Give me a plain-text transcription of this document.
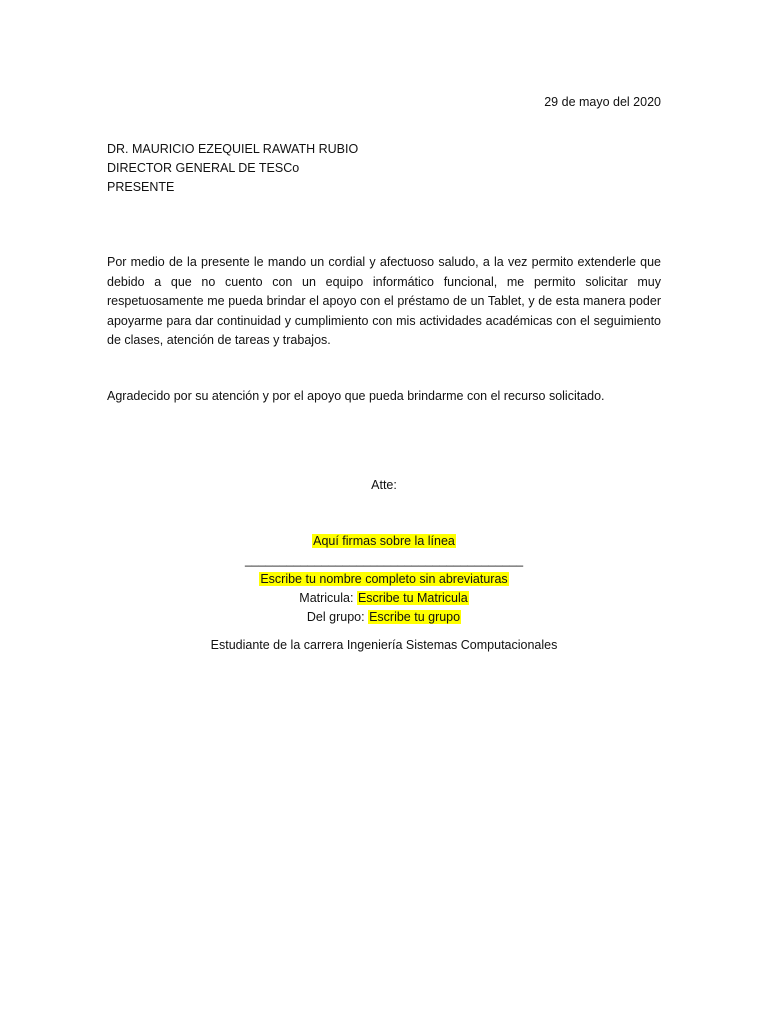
29 de mayo del 2020
DR. MAURICIO EZEQUIEL RAWATH RUBIO
DIRECTOR GENERAL DE TESCo
PRESENTE

Por medio de la presente le mando un cordial y afectuoso saludo, a la vez permito extenderle que debido a que no cuento con un equipo informático funcional, me permito solicitar muy respetuosamente me pueda brindar el apoyo con el préstamo de un Tablet, y de esta manera poder apoyarme para dar continuidad y cumplimiento con mis actividades académicas con el seguimiento de clases, atención de tareas y trabajos.

Agradecido por su atención y por el apoyo que pueda brindarme con el recurso solicitado.

Atte:
Aquí firmas sobre la línea
________________________________________
Escribe tu nombre completo sin abreviaturas
Matricula: Escribe tu Matricula
Del grupo: Escribe tu grupo
Estudiante de la carrera Ingeniería Sistemas Computacionales
